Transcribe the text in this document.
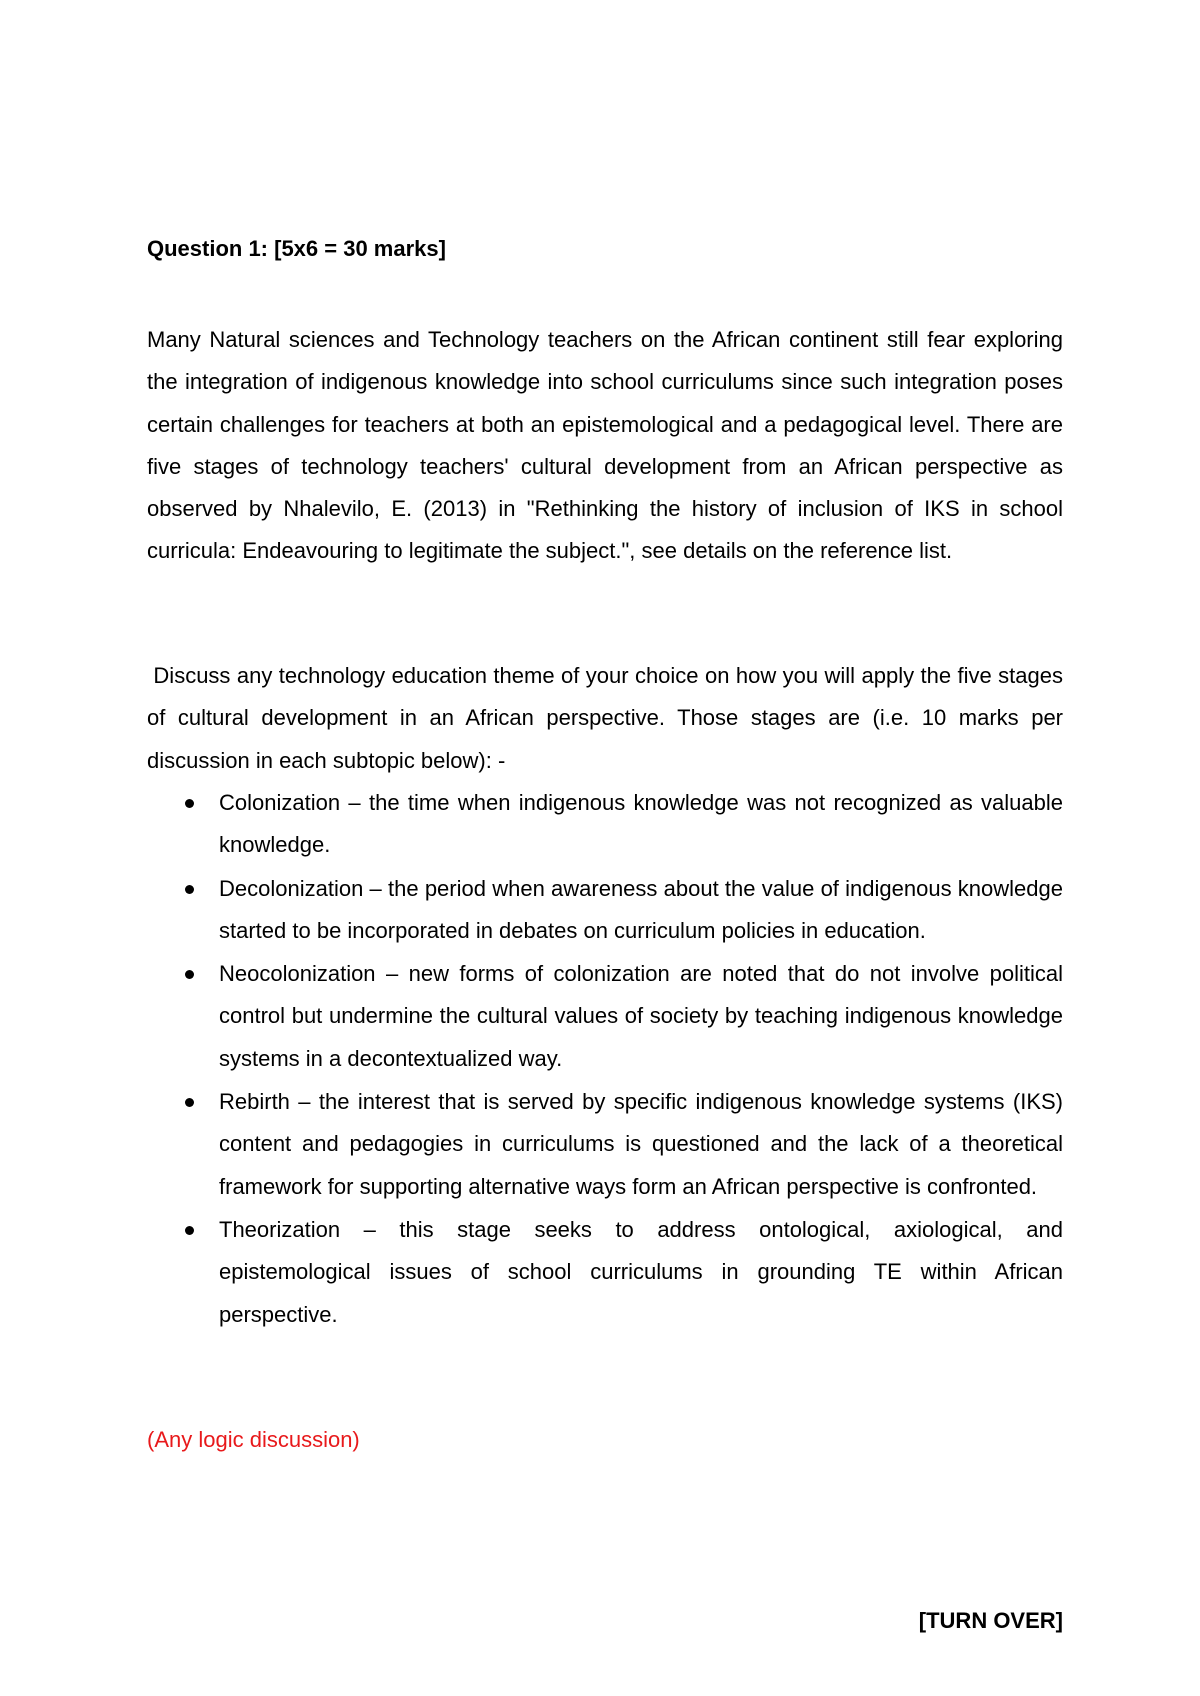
Question 1: [5x6 = 30 marks]
Many Natural sciences and Technology teachers on the African continent still fear exploring the integration of indigenous knowledge into school curriculums since such integration poses certain challenges for teachers at both an epistemological and a pedagogical level. There are five stages of technology teachers' cultural development from an African perspective as observed by Nhalevilo, E. (2013) in "Rethinking the history of inclusion of IKS in school curricula: Endeavouring to legitimate the subject.", see details on the reference list.
Discuss any technology education theme of your choice on how you will apply the five stages of cultural development in an African perspective. Those stages are (i.e. 10 marks per discussion in each subtopic below): -
Colonization – the time when indigenous knowledge was not recognized as valuable knowledge.
Decolonization – the period when awareness about the value of indigenous knowledge started to be incorporated in debates on curriculum policies in education.
Neocolonization – new forms of colonization are noted that do not involve political control but undermine the cultural values of society by teaching indigenous knowledge systems in a decontextualized way.
Rebirth – the interest that is served by specific indigenous knowledge systems (IKS) content and pedagogies in curriculums is questioned and the lack of a theoretical framework for supporting alternative ways form an African perspective is confronted.
Theorization – this stage seeks to address ontological, axiological, and epistemological issues of school curriculums in grounding TE within African perspective.
(Any logic discussion)
[TURN OVER]
